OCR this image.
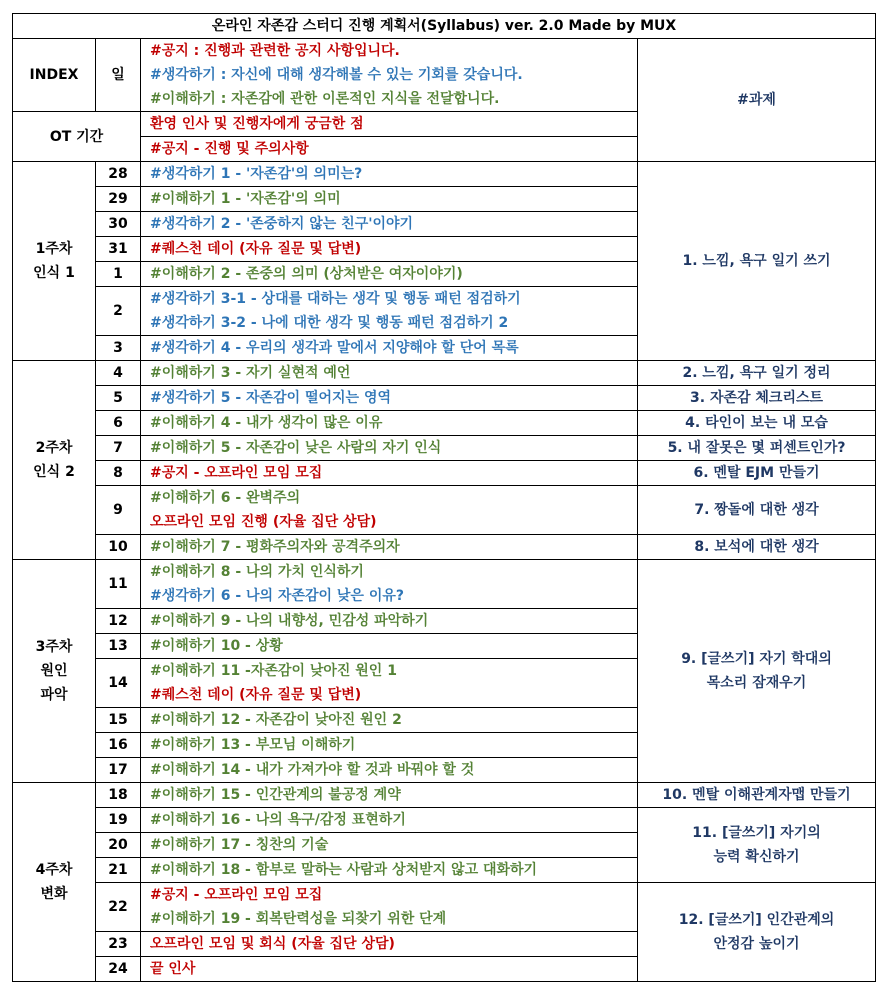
온라인 자존감 스터디 진행 계획서(Syllabus) ver. 2.0 Made by MUX			
INDEX	일	#공지 : 진행과 관련한 공지 사항입니다.
#생각하기 : 자신에 대해 생각해볼 수 있는 기회를 갖습니다.
#이해하기 : 자존감에 관한 이론적인 지식을 전달합니다.	#과제
OT 기간		환영 인사 및 진행자에게 궁금한 점	
		#공지 - 진행 및 주의사항	

1주차
인식 1	28	#생각하기 1 - '자존감'의 의미는?	1. 느낌, 욕구 일기 쓰기
	29	#이해하기 1 - '자존감'의 의미	
	30	#생각하기 2 - '존중하지 않는 친구'이야기	
	31	#퀘스천 데이 (자유 질문 및 답변)	
	1	#이해하기 2 - 존중의 의미 (상처받은 여자이야기)	
	2	#생각하기 3-1 - 상대를 대하는 생각 및 행동 패턴 점검하기
#생각하기 3-2 - 나에 대한 생각 및 행동 패턴 점검하기 2	

	3	#생각하기 4 - 우리의 생각과 말에서 지양해야 할 단어 목록	

2주차
인식 2	4	#이해하기 3 - 자기 실현적 예언	2. 느낌, 욕구 일기 정리
	5	#생각하기 5 - 자존감이 떨어지는 영역	3. 자존감 체크리스트
	6	#이해하기 4 - 내가 생각이 많은 이유	4. 타인이 보는 내 모습
	7	#이해하기 5 - 자존감이 낮은 사람의 자기 인식	5. 내 잘못은 몇 퍼센트인가?
	8	#공지 - 오프라인 모임 모집	6. 멘탈 EJM 만들기
	9	#이해하기 6 - 완벽주의
오프라인 모임 진행 (자율 집단 상담)	7. 짱돌에 대한 생각
	10	#이해하기 7 - 평화주의자와 공격주의자	8. 보석에 대한 생각

3주차
원인
파악	11	#이해하기 8 - 나의 가치 인식하기
#생각하기 6 - 나의 자존감이 낮은 이유?	9. [글쓰기] 자기 학대의
목소리 잠재우기

	12	#이해하기 9 - 나의 내향성, 민감성 파악하기	
	13	#이해하기 10 - 상황	
	14	#이해하기 11 -자존감이 낮아진 원인 1
#퀘스천 데이 (자유 질문 및 답변)	

	15	#이해하기 12 - 자존감이 낮아진 원인 2	
	16	#이해하기 13 - 부모님 이해하기	
	17	#이해하기 14 - 내가 가져가야 할 것과 바꿔야 할 것	

4주차
변화	18	#이해하기 15 - 인간관계의 불공정 계약	10. 멘탈 이해관계자맵 만들기
	19	#이해하기 16 - 나의 욕구/감정 표현하기	11. [글쓰기] 자기의
능력 확신하기

	20	#이해하기 17 - 칭찬의 기술	
	21	#이해하기 18 - 함부로 말하는 사람과 상처받지 않고 대화하기	
	22	#공지 - 오프라인 모임 모집
#이해하기 19 - 회복탄력성을 되찾기 위한 단계	12. [글쓰기] 인간관계의
안정감 높이기

	23	오프라인 모임 및 회식 (자율 집단 상담)	
	24	끝 인사	
